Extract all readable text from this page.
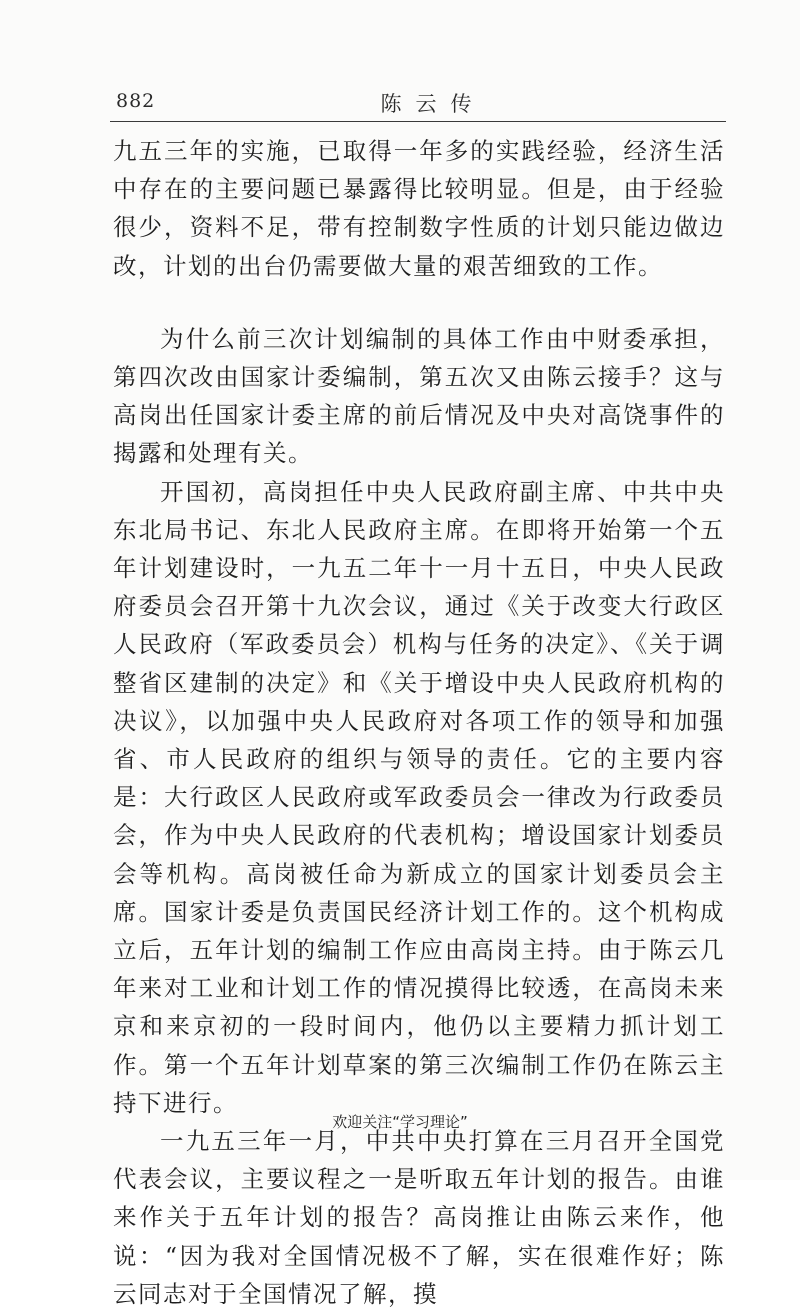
882	陈云传

九五三年的实施，已取得一年多的实践经验，经济生活中存在的主要问题已暴露得比较明显。但是，由于经验很少，资料不足，带有控制数字性质的计划只能边做边改，计划的出台仍需要做大量的艰苦细致的工作。

为什么前三次计划编制的具体工作由中财委承担，第四次改由国家计委编制，第五次又由陈云接手？这与高岗出任国家计委主席的前后情况及中央对高饶事件的揭露和处理有关。

开国初，高岗担任中央人民政府副主席、中共中央东北局书记、东北人民政府主席。在即将开始第一个五年计划建设时，一九五二年十一月十五日，中央人民政府委员会召开第十九次会议，通过《关于改变大行政区人民政府（军政委员会）机构与任务的决定》、《关于调整省区建制的决定》和《关于增设中央人民政府机构的决议》，以加强中央人民政府对各项工作的领导和加强省、市人民政府的组织与领导的责任。它的主要内容是：大行政区人民政府或军政委员会一律改为行政委员会，作为中央人民政府的代表机构；增设国家计划委员会等机构。高岗被任命为新成立的国家计划委员会主席。国家计委是负责国民经济计划工作的。这个机构成立后，五年计划的编制工作应由高岗主持。由于陈云几年来对工业和计划工作的情况摸得比较透，在高岗未来京和来京初的一段时间内，他仍以主要精力抓计划工作。第一个五年计划草案的第三次编制工作仍在陈云主持下进行。

一九五三年一月，中共中央打算在三月召开全国党代表会议，主要议程之一是听取五年计划的报告。由谁来作关于五年计划的报告？高岗推让由陈云来作，他说：“因为我对全国情况极不了解，实在很难作好；陈云同志对于全国情况了解，摸

欢迎关注“学习理论”
